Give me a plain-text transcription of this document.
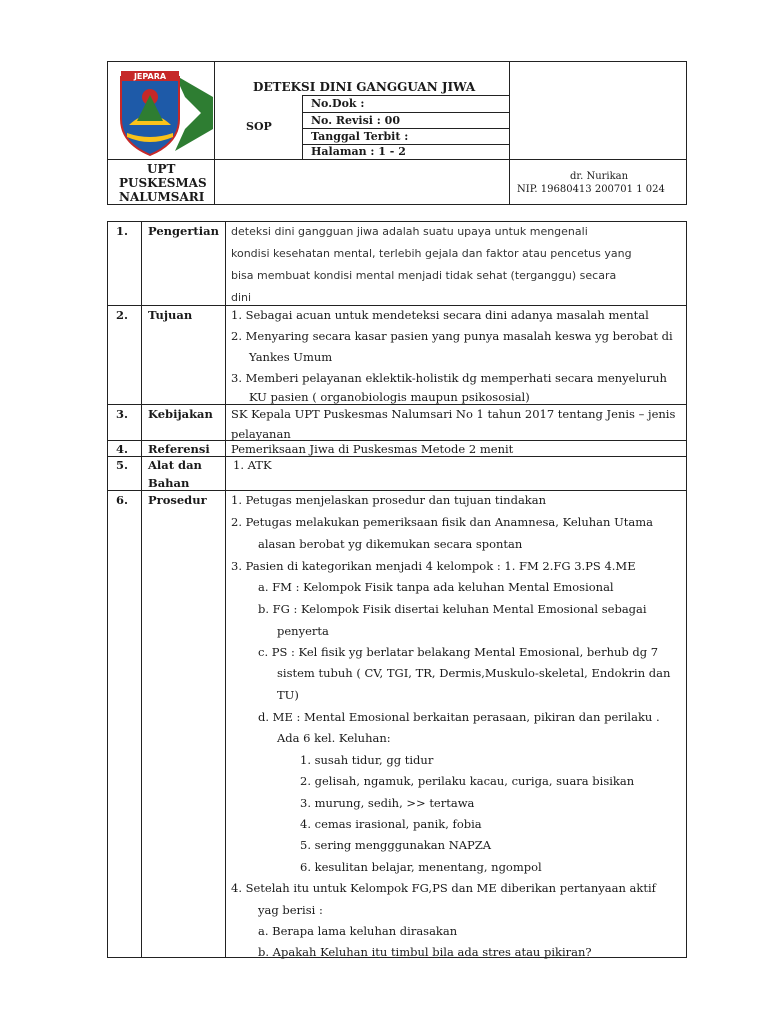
JEPARA
DETEKSI DINI GANGGUAN JIWA
SOP
No.Dok :
No. Revisi : 00
Tanggal Terbit :
Halaman : 1 - 2
UPT
PUSKESMAS
NALUMSARI
dr. Nurikan
NIP. 19680413 200701 1 024
1. Pengertian deteksi dini gangguan jiwa adalah suatu upaya untuk mengenali
kondisi kesehatan mental, terlebih gejala dan faktor atau pencetus yang
bisa membuat kondisi mental menjadi tidak sehat (terganggu) secara
dini
2. Tujuan	1. Sebagai acuan untuk mendeteksi secara dini adanya masalah mental
2. Menyaring secara kasar pasien yang punya masalah keswa yg berobat di
Yankes Umum
3. Memberi pelayanan eklektik-holistik dg memperhati secara menyeluruh
KU pasien ( organobiologis maupun psikososial)
3. Kebijakan SK Kepala UPT Puskesmas Nalumsari No 1 tahun 2017 tentang Jenis – jenis
pelayanan
4. Referensi Pemeriksaan Jiwa di Puskesmas Metode 2 menit
5. Alat dan
Bahan
1. ATK
6. Prosedur 1. Petugas menjelaskan prosedur dan tujuan tindakan
2. Petugas melakukan pemeriksaan fisik dan Anamnesa, Keluhan Utama
alasan berobat yg dikemukan secara spontan
3. Pasien di kategorikan menjadi 4 kelompok : 1. FM 2.FG 3.PS 4.ME
a. FM : Kelompok Fisik tanpa ada keluhan Mental Emosional
b. FG : Kelompok Fisik disertai keluhan Mental Emosional sebagai
penyerta
c. PS : Kel fisik yg berlatar belakang Mental Emosional, berhub dg 7
sistem tubuh ( CV, TGI, TR, Dermis,Muskulo-skeletal, Endokrin dan
TU)
d. ME : Mental Emosional berkaitan perasaan, pikiran dan perilaku .
Ada 6 kel. Keluhan:
1. susah tidur, gg tidur
2. gelisah, ngamuk, perilaku kacau, curiga, suara bisikan
3. murung, sedih, >> tertawa
4. cemas irasional, panik, fobia
5. sering mengggunakan NAPZA
6. kesulitan belajar, menentang, ngompol
4. Setelah itu untuk Kelompok FG,PS dan ME diberikan pertanyaan aktif
yag berisi :
a. Berapa lama keluhan dirasakan
b. Apakah Keluhan itu timbul bila ada stres atau pikiran?
